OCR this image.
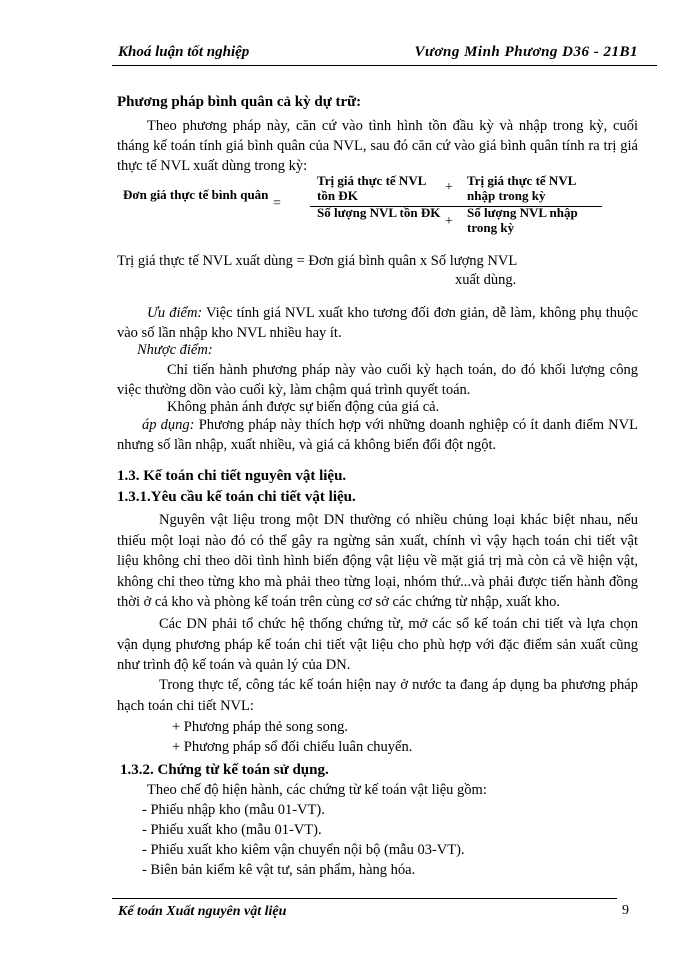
Khoá luận tốt nghiệp	Vương Minh Phương D36 - 21B1
Phương pháp bình quân cả kỳ dự trữ:

Theo phương pháp này, căn cứ vào tình hình tồn đầu kỳ và nhập trong kỳ, cuối tháng kế toán tính giá bình quân của NVL, sau đó căn cứ vào giá bình quân tính ra trị giá thực tế NVL xuất dùng trong kỳ:

Đơn giá thực tế bình quân
=
Trị giá thực tế NVL tồn ĐK
+ Trị giá thực tế NVL nhập trong kỳ
Số lượng NVL tồn ĐK
+
Số lượng NVL nhập trong kỳ
Trị giá thực tế NVL xuất dùng = Đơn giá bình quân x Số lượng NVL
xuất dùng.

Ưu điểm: Việc tính giá NVL xuất kho tương đối đơn giản, dễ làm, không phụ thuộc vào số lần nhập kho NVL nhiều hay ít.

Nhược điểm:

Chỉ tiến hành phương pháp này vào cuối kỳ hạch toán, do đó khối lượng công việc thường dồn vào cuối kỳ, làm chậm quá trình quyết toán.

Không phản ánh được sự biến động của giá cả.

áp dụng: Phương pháp này thích hợp với những doanh nghiệp có ít danh điểm NVL nhưng số lần nhập, xuất nhiều, và giá cả không biến đổi đột ngột.

1.3. Kế toán chi tiết nguyên vật liệu.
1.3.1.Yêu cầu kế toán chi tiết vật liệu.

Nguyên vật liệu trong một DN thường có nhiều chủng loại khác biệt nhau, nếu thiếu một loại nào đó có thể gây ra ngừng sản xuất, chính vì vậy hạch toán chi tiết vật liệu không chỉ theo dõi tình hình biến động vật liệu về mặt giá trị mà còn cả về hiện vật, không chỉ theo từng kho mà phải theo từng loại, nhóm thứ...và phải được tiến hành đồng thời ở cả kho và phòng kế toán trên cùng cơ sở các chứng từ nhập, xuất kho.

Các DN phải tổ chức hệ thống chứng từ, mở các sổ kế toán chi tiết và lựa chọn vận dụng phương pháp kế toán chi tiết vật liệu cho phù hợp với đặc điểm sản xuất cũng như trình độ kế toán và quản lý của DN.

Trong thực tế, công tác kế toán hiện nay ở nước ta đang áp dụng ba phương pháp hạch toán chi tiết NVL:

+ Phương pháp thẻ song song.
+ Phương pháp sổ đối chiếu luân chuyển.
1.3.2. Chứng từ kế toán sử dụng.

Theo chế độ hiện hành, các chứng từ kế toán vật liệu gồm:

- Phiếu nhập kho (mẫu 01-VT).
- Phiếu xuất kho (mẫu 01-VT).
- Phiếu xuất kho kiêm vận chuyển nội bộ (mẫu 03-VT).
- Biên bản kiểm kê vật tư, sản phẩm, hàng hóa.
Kế toán Xuất nguyên vật liệu	9
